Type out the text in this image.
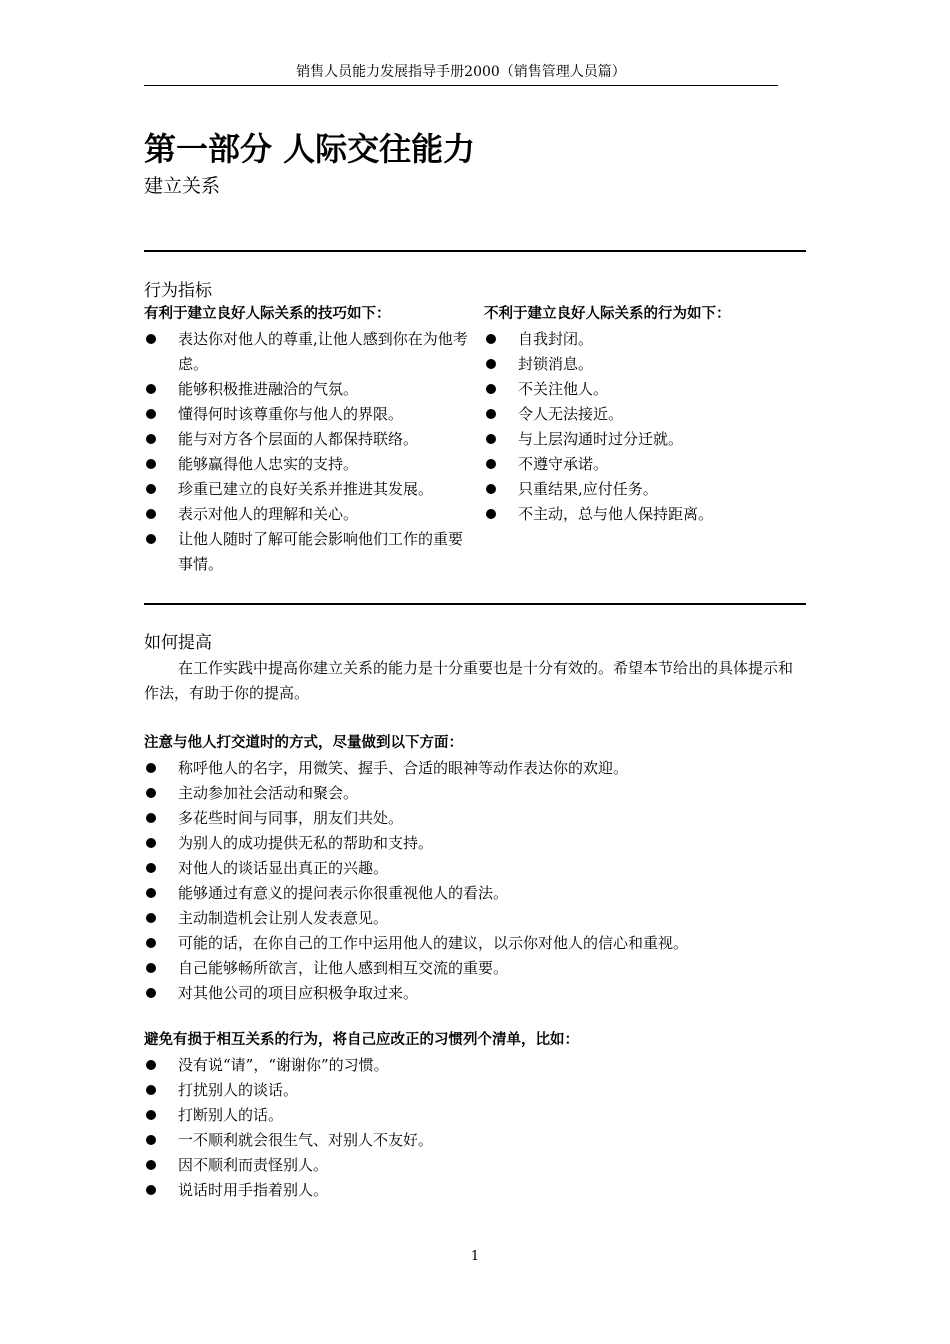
销售人员能力发展指导手册2000（销售管理人员篇）
第一部分 人际交往能力
建立关系
行为指标
有利于建立良好人际关系的技巧如下：
表达你对他人的尊重,让他人感到你在为他考虑。
能够积极推进融洽的气氛。
懂得何时该尊重你与他人的界限。
能与对方各个层面的人都保持联络。
能够赢得他人忠实的支持。
珍重已建立的良好关系并推进其发展。
表示对他人的理解和关心。
让他人随时了解可能会影响他们工作的重要事情。
不利于建立良好人际关系的行为如下：
自我封闭。
封锁消息。
不关注他人。
令人无法接近。
与上层沟通时过分迁就。
不遵守承诺。
只重结果,应付任务。
不主动，总与他人保持距离。
如何提高
在工作实践中提高你建立关系的能力是十分重要也是十分有效的。希望本节给出的具体提示和作法，有助于你的提高。
注意与他人打交道时的方式，尽量做到以下方面：
称呼他人的名字，用微笑、握手、合适的眼神等动作表达你的欢迎。
主动参加社会活动和聚会。
多花些时间与同事，朋友们共处。
为别人的成功提供无私的帮助和支持。
对他人的谈话显出真正的兴趣。
能够通过有意义的提问表示你很重视他人的看法。
主动制造机会让别人发表意见。
可能的话，在你自己的工作中运用他人的建议，以示你对他人的信心和重视。
自己能够畅所欲言，让他人感到相互交流的重要。
对其他公司的项目应积极争取过来。
避免有损于相互关系的行为，将自己应改正的习惯列个清单，比如：
没有说“请”，“谢谢你”的习惯。
打扰别人的谈话。
打断别人的话。
一不顺利就会很生气、对别人不友好。
因不顺利而责怪别人。
说话时用手指着别人。
1
